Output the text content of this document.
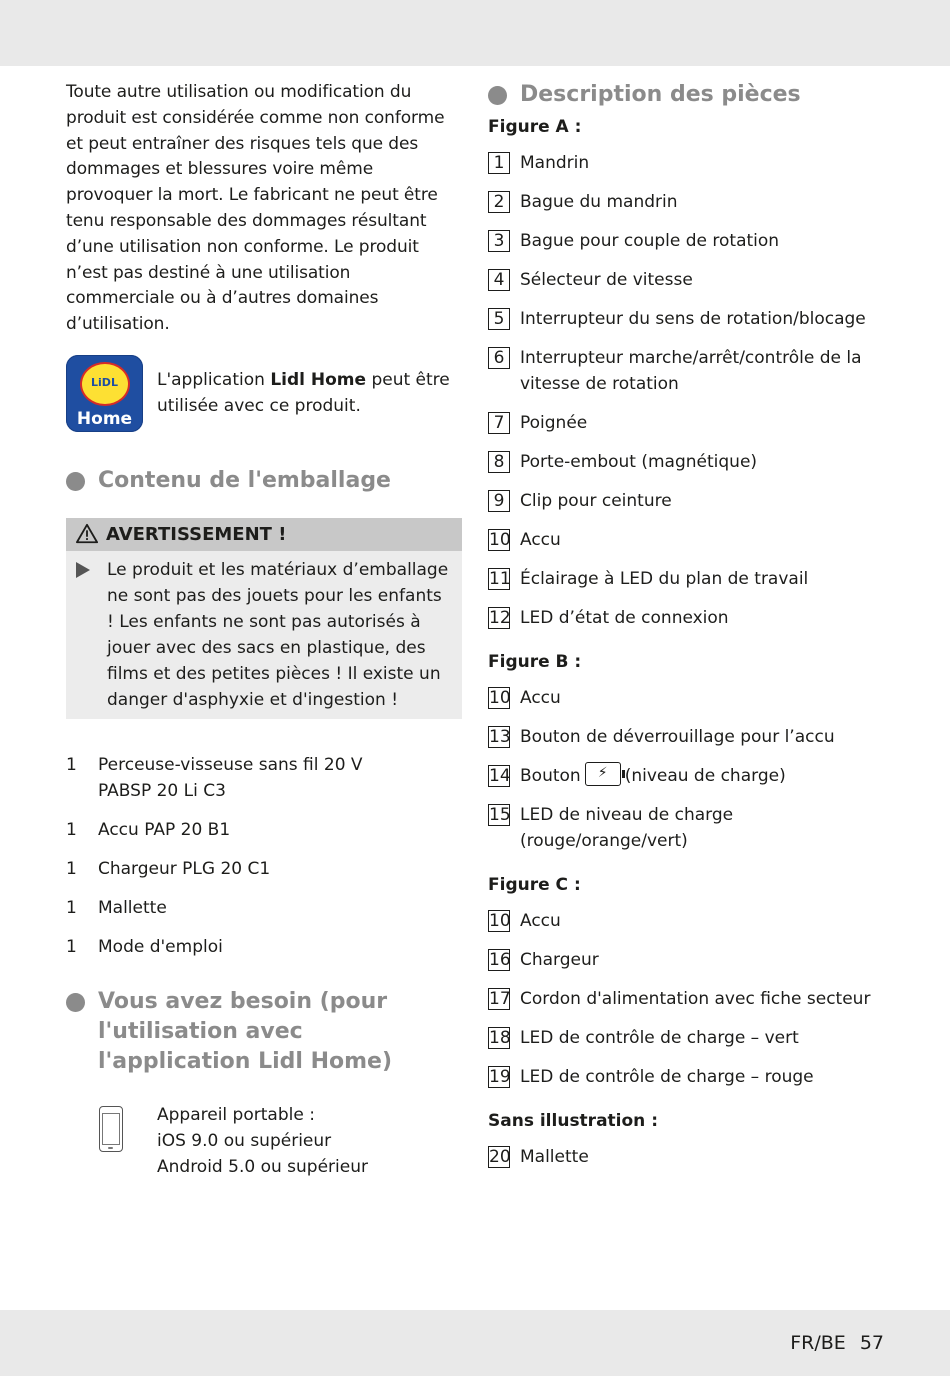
Toute autre utilisation ou modification du produit est considérée comme non conforme et peut entraîner des risques tels que des dommages et blessures voire même provoquer la mort. Le fabricant ne peut être tenu responsable des dommages résultant d’une utilisation non conforme. Le produit n’est pas destiné à une utilisation commerciale ou à d’autres domaines d’utilisation.

LiDL
Home
L'application Lidl Home peut être utilisée avec ce produit.
Contenu de l'emballage
AVERTISSEMENT !
Le produit et les matériaux d’emballage ne sont pas des jouets pour les enfants ! Les enfants ne sont pas autorisés à jouer avec des sacs en plastique, des films et des petites pièces ! Il existe un danger d'asphyxie et d'ingestion !
1	Perceuse-visseuse sans fil 20 V
PABSP 20 Li C3
1	Accu PAP 20 B1
1	Chargeur PLG 20 C1
1	Mallette
1	Mode d'emploi
Vous avez besoin (pour l'utilisation avec l'application Lidl Home)
Appareil portable :
iOS 9.0 ou supérieur
Android 5.0 ou supérieur
Description des pièces
Figure A :
1 Mandrin
2 Bague du mandrin
3 Bague pour couple de rotation
4 Sélecteur de vitesse
5 Interrupteur du sens de rotation/blocage
6 Interrupteur marche/arrêt/contrôle de la vitesse de rotation
7 Poignée
8 Porte-embout (magnétique)
9 Clip pour ceinture
10 Accu
11 Éclairage à LED du plan de travail
12 LED d’état de connexion
Figure B :
10 Accu
13 Bouton de déverrouillage pour l’accu
14 Bouton	⚡	(niveau de charge)
15 LED de niveau de charge (rouge/orange/vert)
Figure C :
10 Accu
16 Chargeur
17 Cordon d'alimentation avec fiche secteur
18 LED de contrôle de charge – vert
19 LED de contrôle de charge – rouge
Sans illustration :
20 Mallette
FR/BE 57
